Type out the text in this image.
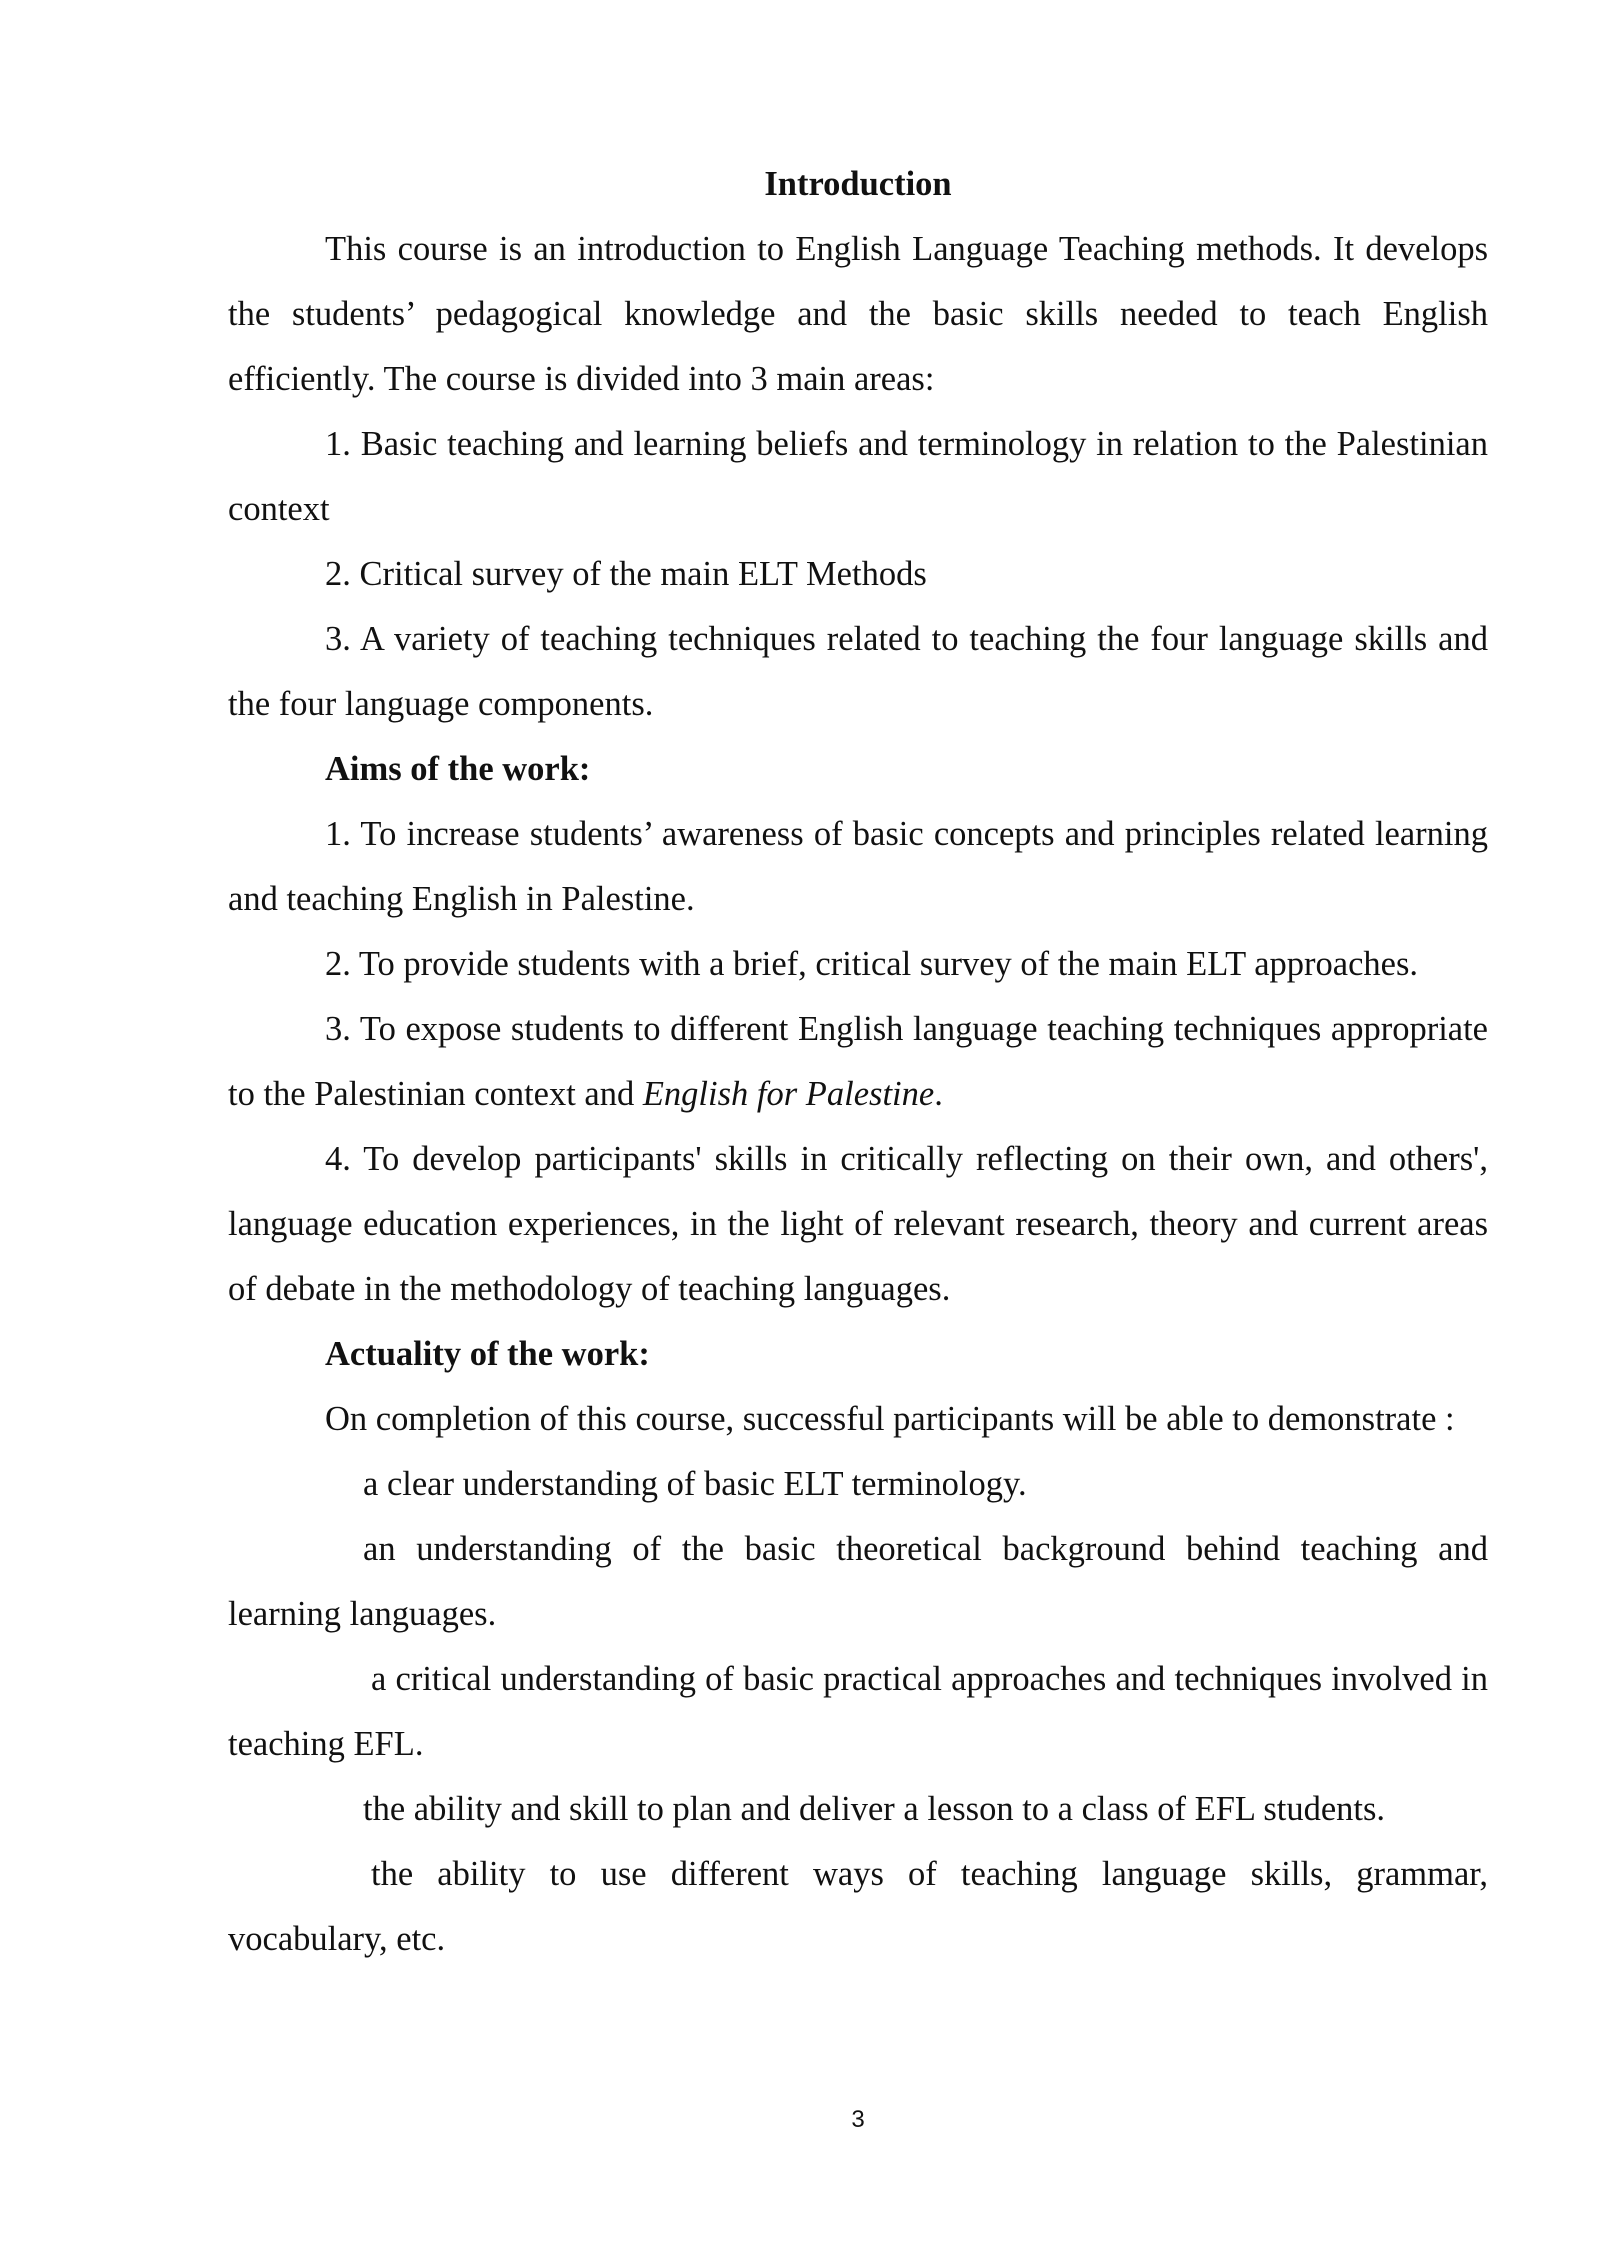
Introduction

This course is an introduction to English Language Teaching methods. It develops the students’ pedagogical knowledge and the basic skills needed to teach English efficiently. The course is divided into 3 main areas:

1. Basic teaching and learning beliefs and terminology in relation to the Palestinian context

2. Critical survey of the main ELT Methods

3. A variety of teaching techniques related to teaching the four language skills and the four language components.

Aims of the work:

1. To increase students’ awareness of basic concepts and principles related learning and teaching English in Palestine.

2. To provide students with a brief, critical survey of the main ELT approaches.

3. To expose students to different English language teaching techniques appropriate to the Palestinian context and English for Palestine.

4. To develop participants' skills in critically reflecting on their own, and others', language education experiences, in the light of relevant research, theory and current areas of debate in the methodology of teaching languages.

Actuality of the work:

On completion of this course, successful participants will be able to demonstrate :

a clear understanding of basic ELT terminology.

an understanding of the basic theoretical background behind teaching and learning languages.

a critical understanding of basic practical approaches and techniques involved in teaching EFL.

the ability and skill to plan and deliver a lesson to a class of EFL students.

the ability to use different ways of teaching language skills, grammar, vocabulary, etc.

3
